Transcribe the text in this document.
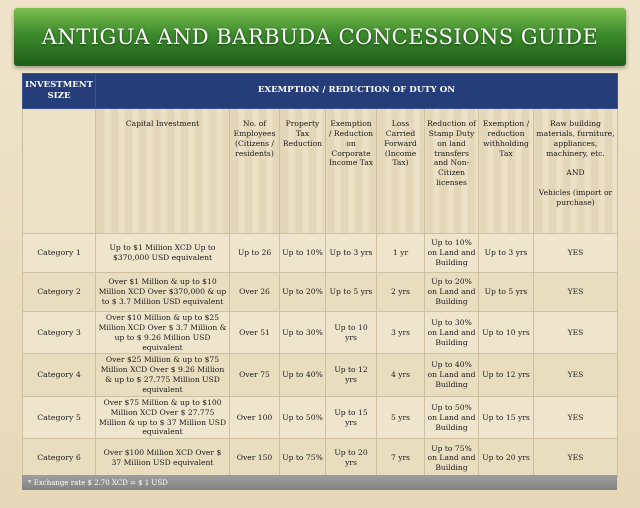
ANTIGUA AND BARBUDA CONCESSIONS GUIDE
INVESTMENT SIZE	EXEMPTION / REDUCTION OF DUTY ON							
	Capital Investment	No. of Employees (Citizens / residents)	Property Tax Reduction	Exemption / Reduction on Corporate Income Tax	Loss Carried Forward (Income Tax)	Reduction of Stamp Duty on land transfers and Non-Citizen licenses	Exemption / reduction withholding Tax	Raw building materials, furniture, appliances, machinery, etc.

AND

Vehicles (import or purchase)
Category 1	Up to $1 Million XCD Up to $370,000 USD equivalent	Up to 26	Up to 10%	Up to 3 yrs	1 yr	Up to 10% on Land and Building	Up to 3 yrs	YES
Category 2	Over $1 Million & up to $10 Million XCD Over $370,000 & up to $ 3.7 Million USD equivalent	Over 26	Up to 20%	Up to 5 yrs	2 yrs	Up to 20% on Land and Building	Up to 5 yrs	YES
Category 3	Over $10 Million & up to $25 Million XCD Over $ 3.7 Million & up to $ 9.26 Million USD equivalent	Over 51	Up to 30%	Up to 10 yrs	3 yrs	Up to 30% on Land and Building	Up to 10 yrs	YES
Category 4	Over $25 Million & up to $75 Million XCD Over $ 9.26 Million & up to $ 27.775 Million USD equivalent	Over 75	Up to 40%	Up to 12 yrs	4 yrs	Up to 40% on Land and Building	Up to 12 yrs	YES
Category 5	Over $75 Million & up to $100 Million XCD Over $ 27.775 Million & up to $ 37 Million USD equivalent	Over 100	Up to 50%	Up to 15 yrs	5 yrs	Up to 50% on Land and Building	Up to 15 yrs	YES
Category 6	Over $100 Million XCD Over $ 37 Million USD equivalent	Over 150	Up to 75%	Up to 20 yrs	7 yrs	Up to 75% on Land and Building	Up to 20 yrs	YES
* Exchange rate $ 2.70 XCD = $ 1 USD
